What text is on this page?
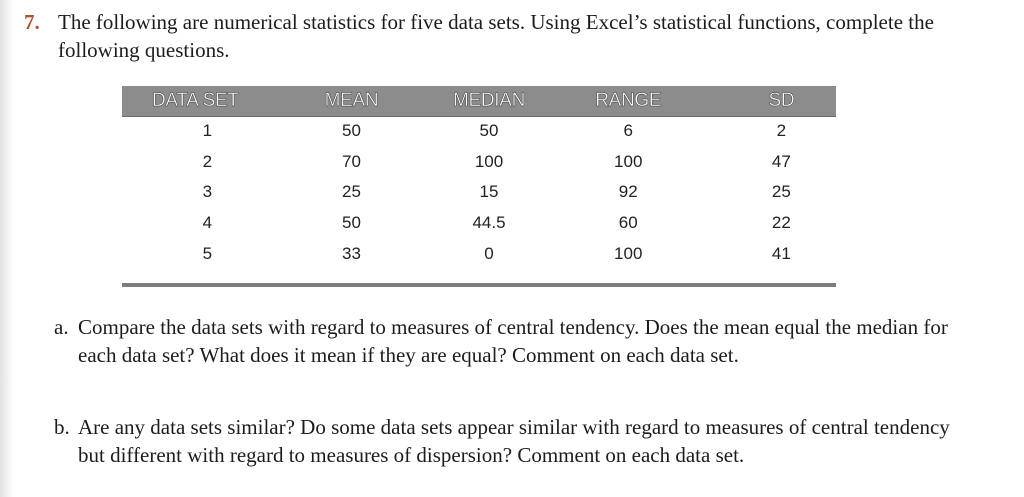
7. The following are numerical statistics for five data sets. Using Excel’s statistical functions, complete the following questions.
DATA SET	MEAN	MEDIAN	RANGE	SD
1	50	50	6	2
2	70	100	100	47
3	25	15	92	25
4	50	44.5	60	22
5	33	0	100	41
a. Compare the data sets with regard to measures of central tendency. Does the mean equal the median for each data set? What does it mean if they are equal? Comment on each data set.
b. Are any data sets similar? Do some data sets appear similar with regard to measures of central tendency but different with regard to measures of dispersion? Comment on each data set.
